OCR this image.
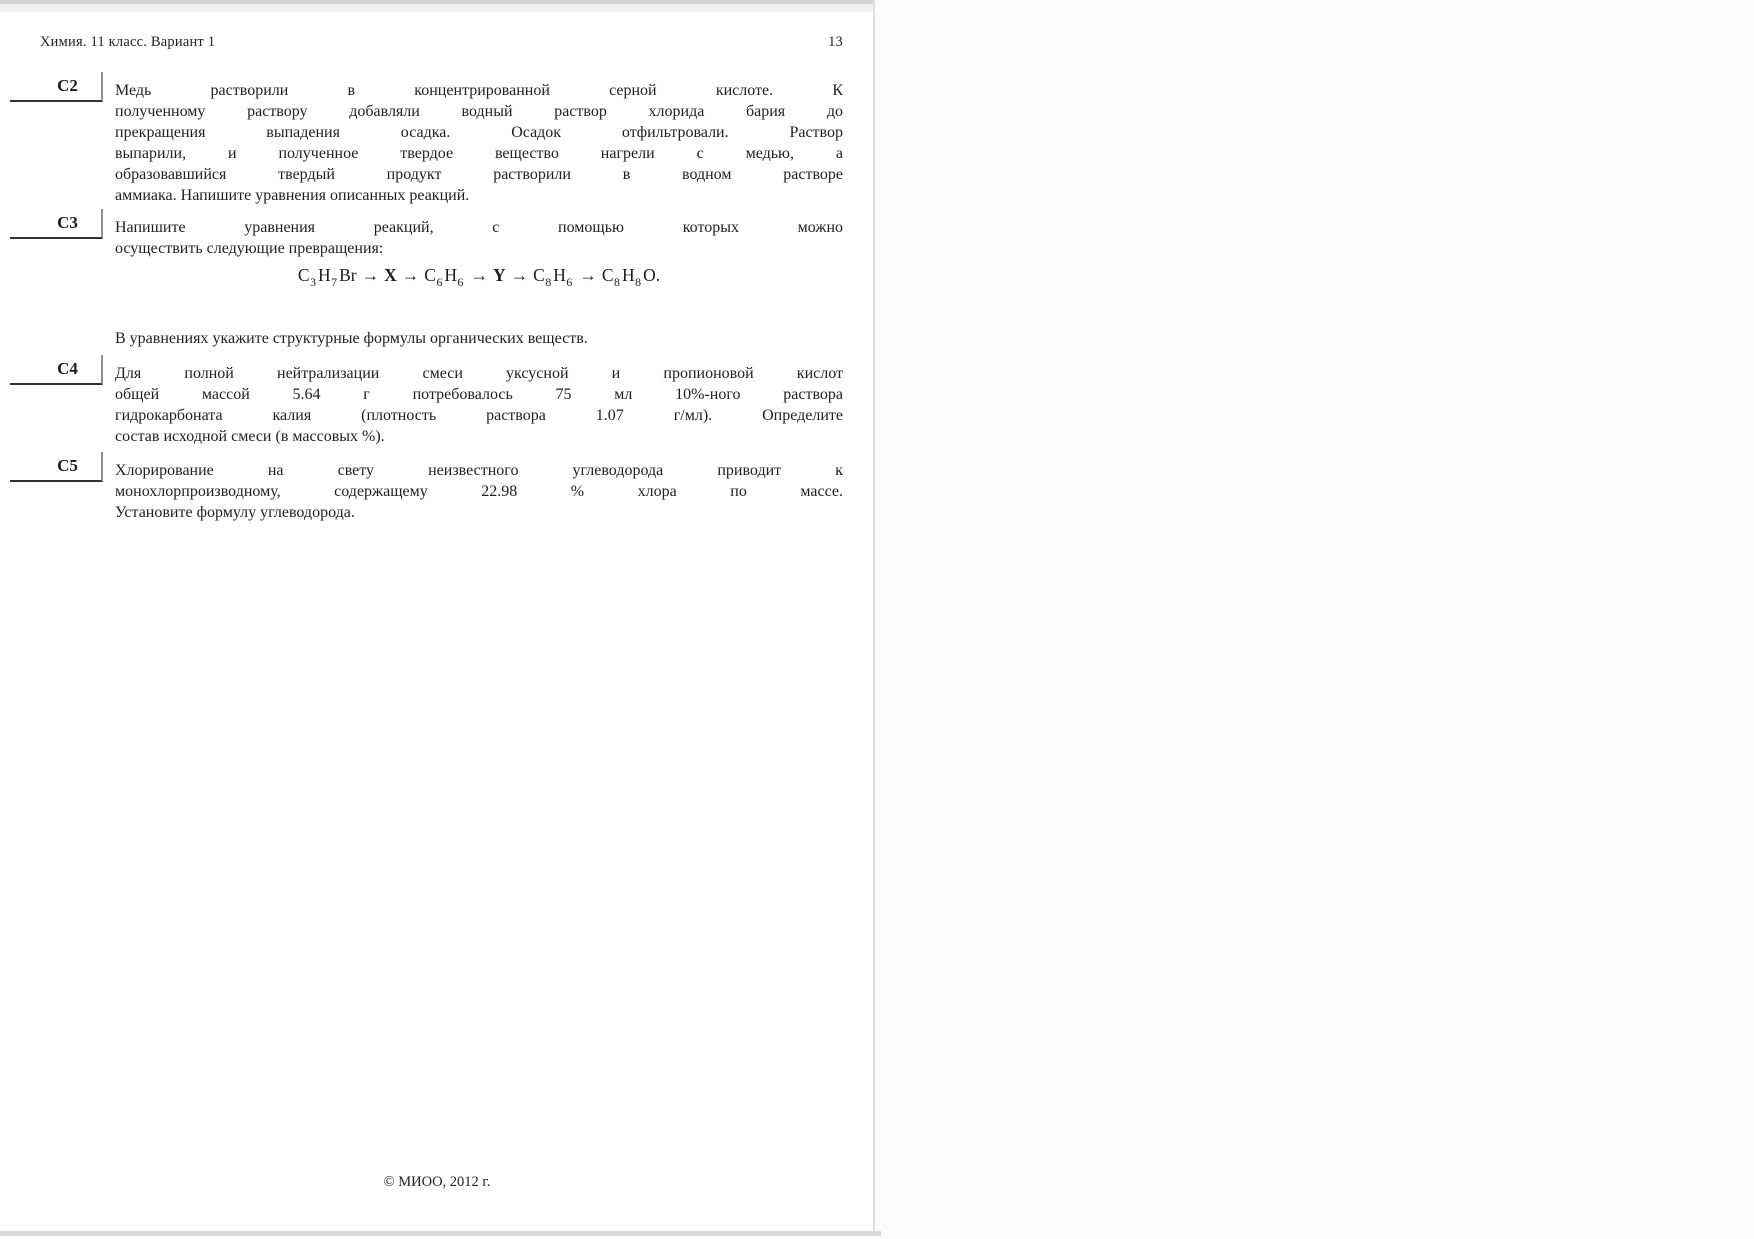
Химия. 11 класс. Вариант 1	13
С2 Медь растворили в концентрированной серной кислоте. К
полученному раствору добавляли водный раствор хлорида бария до
прекращения выпадения осадка. Осадок отфильтровали. Раствор
выпарили, и полученное твердое вещество нагрели с медью, а
образовавшийся твердый продукт растворили в водном растворе
аммиака. Напишите уравнения описанных реакций.
С3 Напишите уравнения реакций, с помощью которых можно
осуществить следующие превращения:
$C_3$ $H_7$ $Br \to X \to C_6$ $H_6 \to Y \to C_8$ $H_6 \to C_8$ $H_8$ O.
В уравнениях укажите структурные формулы органических веществ.
С4 Для полной нейтрализации смеси уксусной и пропионовой кислот
общей массой 5.64 г потребовалось 75 мл 10%-ного раствора
гидрокарбоната калия (плотность раствора 1.07 г/мл). Определите
состав исходной смеси (в массовых %).
С5 Хлорирование на свету неизвестного углеводорода приводит к
монохлорпроизводному, содержащему 22.98 % хлора по массе.
Установите формулу углеводорода.
© МИОО, 2012 г.
